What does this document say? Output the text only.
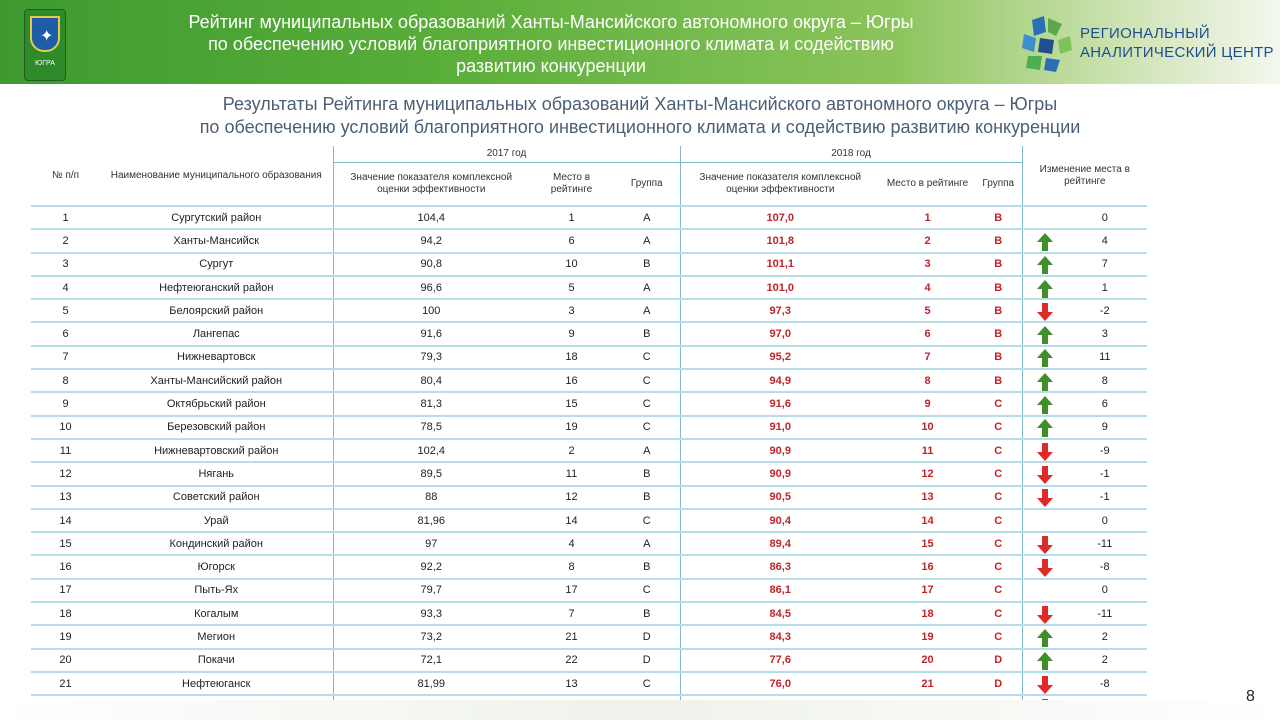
✦
ЮГРА
Рейтинг муниципальных образований Ханты-Мансийского автономного округа – Югры
по обеспечению условий благоприятного инвестиционного климата и содействию
развитию конкуренции
РЕГИОНАЛЬНЫЙ
АНАЛИТИЧЕСКИЙ ЦЕНТР
Результаты Рейтинга муниципальных образований Ханты-Мансийского автономного округа – Югры
по обеспечению условий благоприятного инвестиционного климата и содействию развитию конкуренции
№ п/п	Наименование муниципального образования	2017 год			2018 год			Изменение места в рейтинге
		Значение показателя комплексной оценки эффективности	Место в рейтинге	Группа	Значение показателя комплексной оценки эффективности	Место в рейтинге	Группа	
1	Сургутский район	104,4	1	A	107,0	1	B	0

2	Ханты-Мансийск	94,2	6	A	101,8	2	B	4

3	Сургут	90,8	10	B	101,1	3	B	7

4	Нефтеюганский район	96,6	5	A	101,0	4	B	1

5	Белоярский район	100	3	A	97,3	5	B	-2

6	Лангепас	91,6	9	B	97,0	6	B	3

7	Нижневартовск	79,3	18	C	95,2	7	B	11

8	Ханты-Мансийский район	80,4	16	C	94,9	8	B	8

9	Октябрьский район	81,3	15	C	91,6	9	C	6

10	Березовский район	78,5	19	C	91,0	10	C	9

11	Нижневартовский район	102,4	2	A	90,9	11	C	-9

12	Нягань	89,5	11	B	90,9	12	C	-1

13	Советский район	88	12	B	90,5	13	C	-1

14	Урай	81,96	14	C	90,4	14	C	0

15	Кондинский район	97	4	A	89,4	15	C	-11

16	Югорск	92,2	8	B	86,3	16	C	-8

17	Пыть-Ях	79,7	17	C	86,1	17	C	0

18	Когалым	93,3	7	B	84,5	18	C	-11

19	Мегион	73,2	21	D	84,3	19	C	2

20	Покачи	72,1	22	D	77,6	20	D	2

21	Нефтеюганск	81,99	13	C	76,0	21	D	-8

8
